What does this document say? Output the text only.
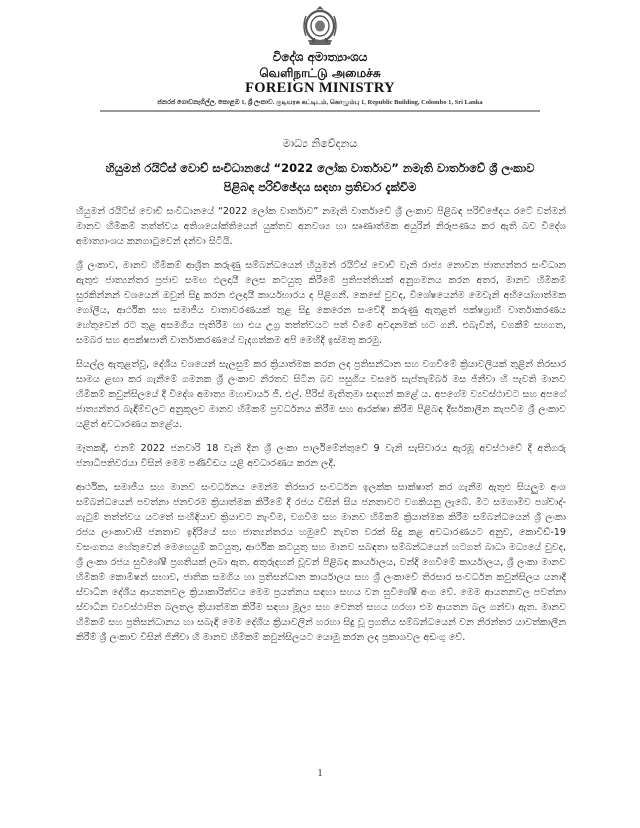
විදේශ අමාත්‍යාංශය
வெளிநாட்டு அமைச்சு
FOREIGN MINISTRY
ජනරජ ගොඩනැගිල්ල, කොළඹ 1, ශ්‍රී ලංකාව. குடியரசு கட்டிடம், கொழும்பு 1, Republic Building, Colombo 1, Sri Lanka
මාධ්‍ය නිවේදනය
හියුමන් රයිට්ස් වොච් සංවිධානයේ “2022 ලෝක වාර්තාව” නමැති වාර්තාවේ ශ්‍රී ලංකාව
පිළිබඳ පරිච්ඡේදය සඳහා ප්‍රතිචාර දැක්වීම

හියුමන් රයිට්ස් වොච් සංවිධානයේ “2022 ලෝක වාර්තාව” නමැති වාර්තාවේ ශ්‍රී ලංකාව පිළිබඳ පරිච්ඡේදය රටේ වත්මන් මානව හිමිකම් තත්ත්වය අතිශයෝක්තියෙන් යුක්තව අනවශ්‍ය හා සෘණාත්මක අයුරින් නිරූපණය කර ඇති බව විදේශ අමාත්‍යාංශය කනගාටුවෙන් දන්වා සිටියි.

ශ්‍රී ලංකාව, මානව හිමිකම් ආශ්‍රිත කරුණු සම්බන්ධයෙන් හියුමන් රයිට්ස් වොච් වැනි රාජ්‍ය නොවන ජාත්‍යන්තර සංවිධාන ඇතුළු ජාත්‍යන්තර ප්‍රජාව සමඟ ඵලදායී ලෙස කටයුතු කිරීමේ ප්‍රතිපත්තියක් අනුගමනය කරන අතර, මානව හිමිකම් සුරකින්නන් වශයෙන් ඔවුන් සිදු කරන ඵලදායී කාර්යභාරය ද පිළිගනී. කෙසේ වුවද, විශේෂයෙන්ම මෙවැනි අභියෝගාත්මක ගෝලීය, ආර්ථික සහ සමාජීය වාතාවරණයක් තුළ සිදු කෙරෙන සංවේදී කරුණු ඇතුළත් පක්ෂග්‍රාහී වාර්තාකරණය හේතුවෙන් රට තුළ අසමගිය පැතිරීම හා එය උග්‍ර තත්ත්වයට පත් වීමේ අවදානමක් හට ගනී. එබැවින්, වගකීම් සහගත, සමබර සහ අපක්ෂපාතී වාර්තාකරණයේ වැදගත්කම අපි මෙහිදී ඉස්මතු කරමු.

සියල්ල ඇතුළත්වූ, දේශීය වශයෙන් සැලසුම් කර ක්‍රියාත්මක කරන ලද ප්‍රතිසන්ධාන සහ වගවීමේ ක්‍රියාවලියක් තුළින් තිරසාර සාමය ළඟා කර ගැනීමේ ගමනක ශ්‍රී ලංකාව නිරතව සිටින බව පසුගිය වසරේ සැප්තැම්බර් මස ජිනීවා හි පැවති මානව හිමිකම් කවුන්සිලයේ දී විදේශ අමාත්‍ය මහාචාර්ය ජී. එල්. පීරිස් මැතිතුමා සඳහන් කළේ ය. අපගේම ව්‍යවස්ථාවට සහ අපගේ ජාත්‍යන්තර බැඳීම්වලට අනුකූලව මානව හිමිකම් ප්‍රවර්ධනය කිරීම සහ ආරක්ෂා කිරීම පිළිබඳ දීර්ඝකාලීන කැපවීම ශ්‍රී ලංකාව යළිත් අවධාරණය කළේය.

මෑතකදී, එනම් 2022 ජනවාරි 18 වැනි දින ශ්‍රී ලංකා පාර්ලිමේන්තුවේ 9 වැනි සැසිවාරය ඇරඹූ අවස්ථාවේ දී අතිගරු ජනාධිපතිවරයා විසින් මෙම පණිවිඩය යළි අවධාරණය කරන ලදී.

ආර්ථික, සමාජීය සහ මානව සංවර්ධනය මෙන්ම තිරසාර සංවර්ධන ඉලක්ක සාක්ෂාත් කර ගැනීම ඇතුළු සියලුම අංශ සම්බන්ධයෙන් පවත්නා ජනවරම ක්‍රියාත්මක කිරීමේ දී රජය විසින් සිය ජනතාවට වගකියනු ලැබේ. මීට සමගාමීව පශ්චාද්-ගැටුම් තත්ත්වය යටතේ සංහිඳියාව ක්‍රියාවට නැංවීම, වගවීම සහ මානව හිමිකම් ක්‍රියාත්මක කිරීම සම්බන්ධයෙන් ශ්‍රී ලංකා රජය ලාංකාවාසී ජනතාව ඉදිරියේ සහ ජාත්‍යන්තරය හමුවේ නැවත වරක් සිදු කළ අවධාරණයට අනුව, කොවිඩ්-19 වසංගතය හේතුවෙන් මෙහෙයුම් කටයුතු, ආර්ථික කටයුතු සහ මානව සබඳතා සම්බන්ධයෙන් හටගත් බාධා මධ්‍යයේ වුවද, ශ්‍රී ලංකා රජය සුවිශේෂී ප්‍රගතියක් ලබා ඇත. අතුරුදහන් වූවන් පිළිබඳ කාර්යාලය, වන්දි ගෙවීමේ කාර්යාලය, ශ්‍රී ලංකා මානව හිමිකම් කොමිෂන් සභාව, ජාතික සමගිය හා ප්‍රතිසන්ධාන කාර්යාලය සහ ශ්‍රී ලංකාවේ තිරසාර සංවර්ධන කවුන්සිලය යනාදී ස්වාධීන දේශීය ආයතනවල ක්‍රියාකාරිත්වය මෙම ප්‍රයත්නය සඳහා සහය වන සුවිශේෂී අංග වේ. මෙම ආයතනවල පවත්නා ස්වාධීන ව්‍යවස්ථාපිත බලතල ක්‍රියාත්මක කිරීම සඳහා මූල්‍ය සහ වෙනත් සහය හරහා එම ආයතන බල ගන්වා ඇත. මානව හිමිකම් සහ ප්‍රතිසන්ධානය හා සබැඳි මෙම දේශීය ක්‍රියාවලින් හරහා සිදු වූ ප්‍රගතිය සම්බන්ධයෙන් වන නිරන්තර යාවත්කාලීන කිරීම් ශ්‍රී ලංකාව විසින් ජිනීවා හි මානව හිමිකම් කවුන්සිලයට යොමු කරන ලද ප්‍රකාශවල අඩංගු වේ.

1
